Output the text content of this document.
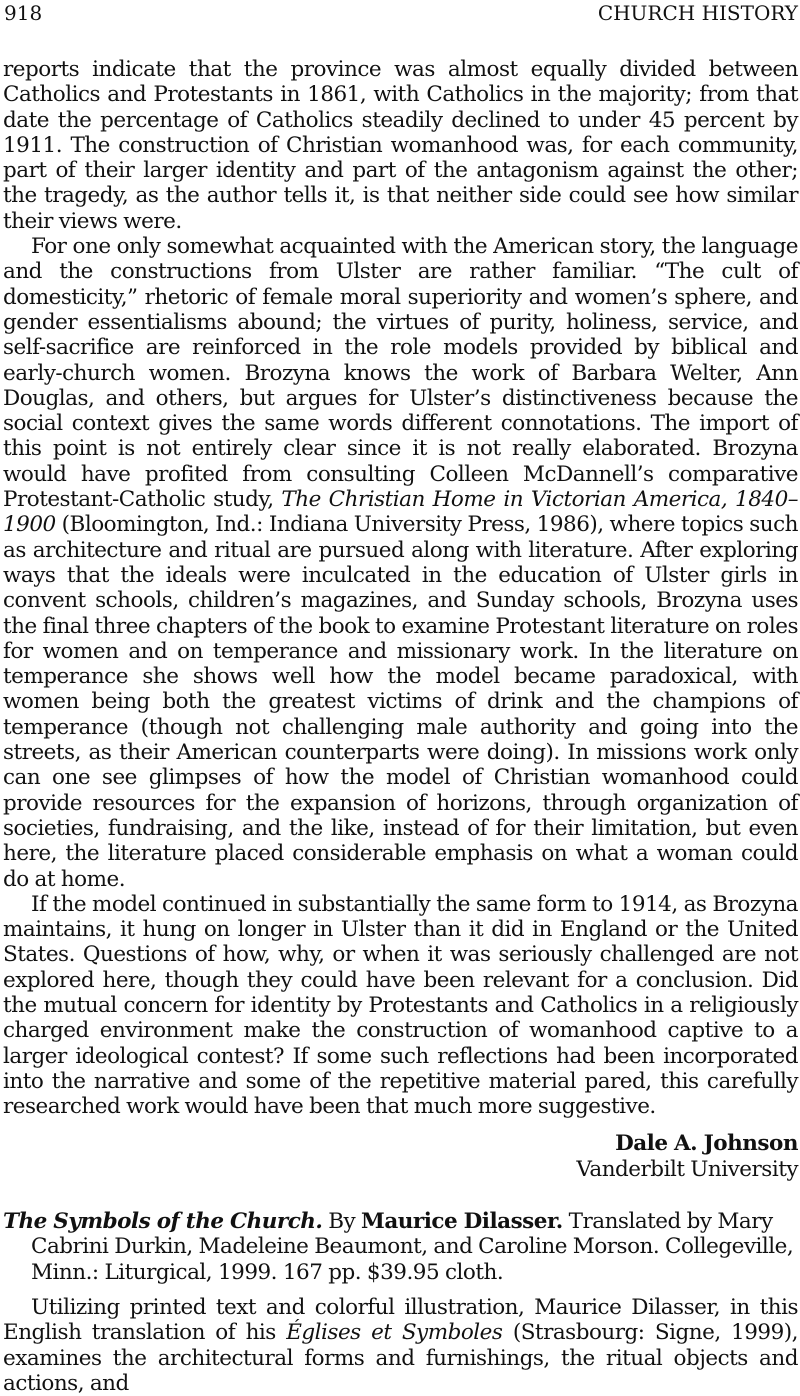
918	CHURCH HISTORY

reports indicate that the province was almost equally divided between Catholics and Protestants in 1861, with Catholics in the majority; from that date the percentage of Catholics steadily declined to under 45 percent by 1911. The construction of Christian womanhood was, for each community, part of their larger identity and part of the antagonism against the other; the tragedy, as the author tells it, is that neither side could see how similar their views were.

For one only somewhat acquainted with the American story, the language and the constructions from Ulster are rather familiar. “The cult of domesticity,” rhetoric of female moral superiority and women’s sphere, and gender essentialisms abound; the virtues of purity, holiness, service, and self-sacrifice are reinforced in the role models provided by biblical and early-church women. Brozyna knows the work of Barbara Welter, Ann Douglas, and others, but argues for Ulster’s distinctiveness because the social context gives the same words different connotations. The import of this point is not entirely clear since it is not really elaborated. Brozyna would have profited from consulting Colleen McDannell’s comparative Protestant-Catholic study, The Christian Home in Victorian America, 1840–1900 (Bloomington, Ind.: Indiana University Press, 1986), where topics such as architecture and ritual are pursued along with literature. After exploring ways that the ideals were inculcated in the education of Ulster girls in convent schools, children’s magazines, and Sunday schools, Brozyna uses the final three chapters of the book to examine Protestant literature on roles for women and on temperance and missionary work. In the literature on temperance she shows well how the model became paradoxical, with women being both the greatest victims of drink and the champions of temperance (though not challenging male authority and going into the streets, as their American counterparts were doing). In missions work only can one see glimpses of how the model of Christian womanhood could provide resources for the expansion of horizons, through organization of societies, fundraising, and the like, instead of for their limitation, but even here, the literature placed considerable emphasis on what a woman could do at home.

If the model continued in substantially the same form to 1914, as Brozyna maintains, it hung on longer in Ulster than it did in England or the United States. Questions of how, why, or when it was seriously challenged are not explored here, though they could have been relevant for a conclusion. Did the mutual concern for identity by Protestants and Catholics in a religiously charged environment make the construction of womanhood captive to a larger ideological contest? If some such reflections had been incorporated into the narrative and some of the repetitive material pared, this carefully researched work would have been that much more suggestive.

Dale A. Johnson

Vanderbilt University

The Symbols of the Church. By Maurice Dilasser. Translated by Mary Cabrini Durkin, Madeleine Beaumont, and Caroline Morson. Collegeville, Minn.: Liturgical, 1999. 167 pp. $39.95 cloth.

Utilizing printed text and colorful illustration, Maurice Dilasser, in this English translation of his Églises et Symboles (Strasbourg: Signe, 1999), examines the architectural forms and furnishings, the ritual objects and actions, and
